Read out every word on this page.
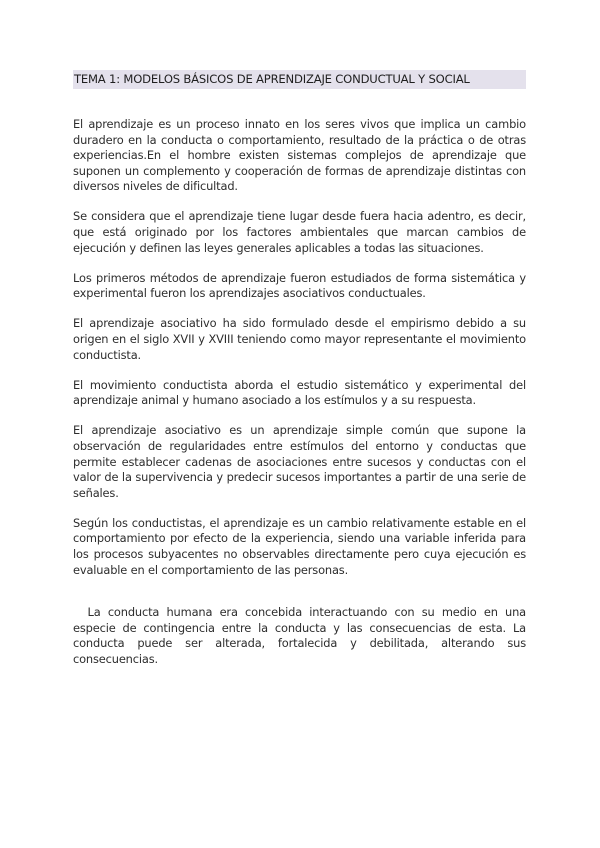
TEMA 1: MODELOS BÁSICOS DE APRENDIZAJE CONDUCTUAL Y SOCIAL

El aprendizaje es un proceso innato en los seres vivos que implica un cambio duradero en la conducta o comportamiento, resultado de la práctica o de otras experiencias.En el hombre existen sistemas complejos de aprendizaje que suponen un complemento y cooperación de formas de aprendizaje distintas con diversos niveles de dificultad.

Se considera que el aprendizaje tiene lugar desde fuera hacia adentro, es decir, que está originado por los factores ambientales que marcan cambios de ejecución y definen las leyes generales aplicables a todas las situaciones.

Los primeros métodos de aprendizaje fueron estudiados de forma sistemática y experimental fueron los aprendizajes asociativos conductuales.

El aprendizaje asociativo ha sido formulado desde el empirismo debido a su origen en el siglo XVII y XVIII teniendo como mayor representante el movimiento conductista.

El movimiento conductista aborda el estudio sistemático y experimental del aprendizaje animal y humano asociado a los estímulos y a su respuesta.

El aprendizaje asociativo es un aprendizaje simple común que supone la observación de regularidades entre estímulos del entorno y conductas que permite establecer cadenas de asociaciones entre sucesos y conductas con el valor de la supervivencia y predecir sucesos importantes a partir de una serie de señales.

Según los conductistas, el aprendizaje es un cambio relativamente estable en el comportamiento por efecto de la experiencia, siendo una variable inferida para los procesos subyacentes no observables directamente pero cuya ejecución es evaluable en el comportamiento de las personas.

La conducta humana era concebida interactuando con su medio en una especie de contingencia entre la conducta y las consecuencias de esta. La conducta puede ser alterada, fortalecida y debilitada, alterando sus consecuencias.
